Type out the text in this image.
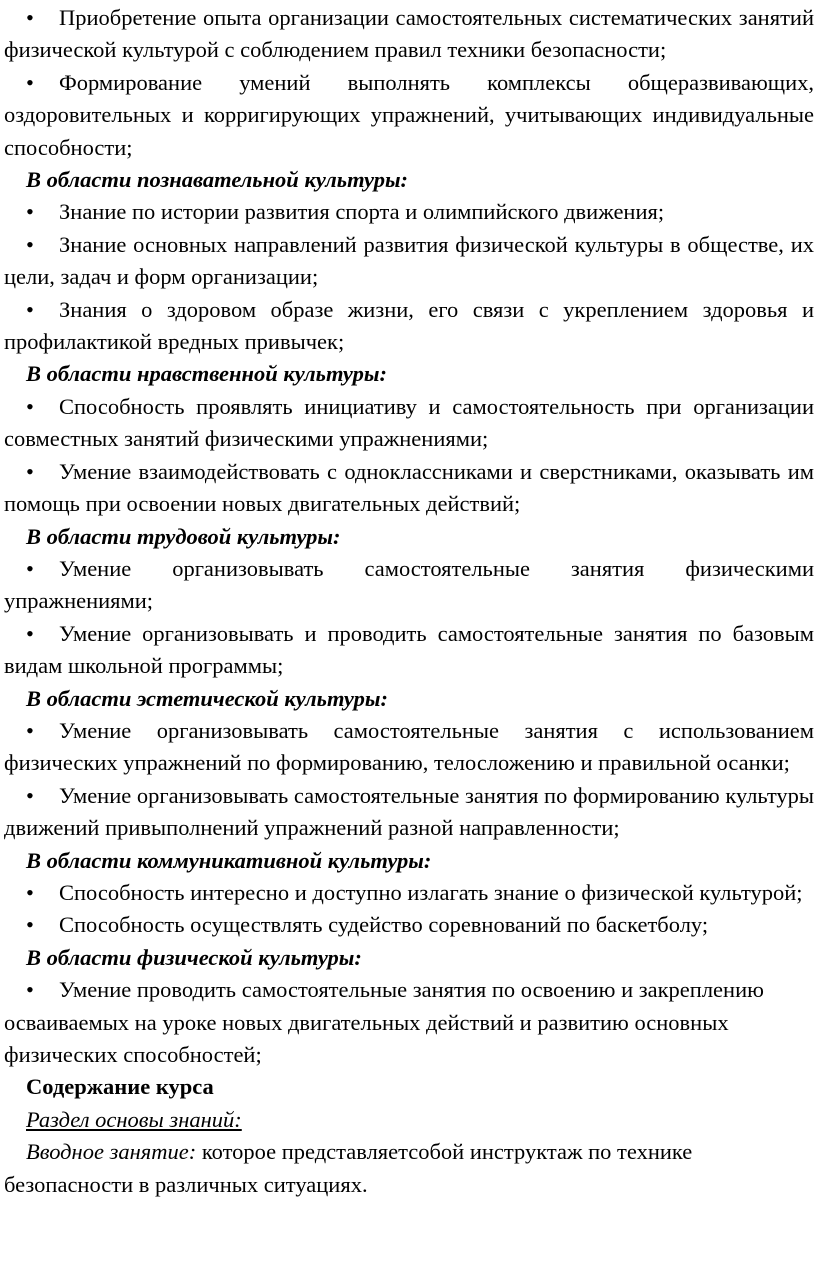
• Приобретение опыта организации самостоятельных систематических занятий физической культурой с соблюдением правил техники безопасности;

• Формирование умений выполнять комплексы общеразвивающих, оздоровительных и корригирующих упражнений, учитывающих индивидуальные способности;

В области познавательной культуры:

• Знание по истории развития спорта и олимпийского движения;

• Знание основных направлений развития физической культуры в обществе, их цели, задач и форм организации;

• Знания о здоровом образе жизни, его связи с укреплением здоровья и профилактикой вредных привычек;

В области нравственной культуры:

• Способность проявлять инициативу и самостоятельность при организации совместных занятий физическими упражнениями;

• Умение взаимодействовать с одноклассниками и сверстниками, оказывать им помощь при освоении новых двигательных действий;

В области трудовой культуры:

• Умение организовывать самостоятельные занятия физическими упражнениями;

• Умение организовывать и проводить самостоятельные занятия по базовым видам школьной программы;

В области эстетической культуры:

• Умение организовывать самостоятельные занятия с использованием физических упражнений по формированию, телосложению и правильной осанки;

• Умение организовывать самостоятельные занятия по формированию культуры движений привыполнений упражнений разной направленности;

В области коммуникативной культуры:

• Способность интересно и доступно излагать знание о физической культурой;

• Способность осуществлять судейство соревнований по баскетболу;

В области физической культуры:

• Умение проводить самостоятельные занятия по освоению и закреплению осваиваемых на уроке новых двигательных действий и развитию основных физических способностей;

Содержание курса
Раздел основы знаний:

Вводное занятие: которое представляетсобой инструктаж по технике безопасности в различных ситуациях.
